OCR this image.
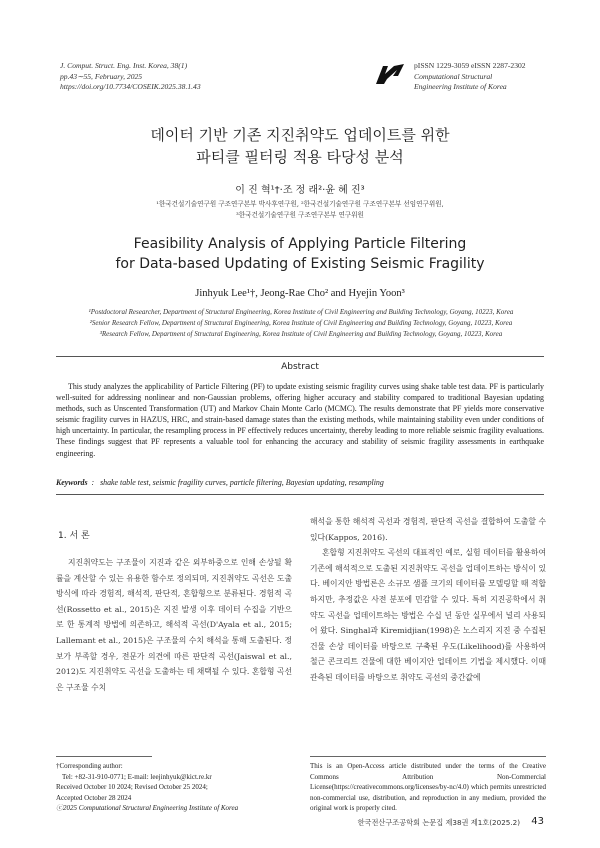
J. Comput. Struct. Eng. Inst. Korea, 38(1)
pp.43∼55, February, 2025
https://doi.org/10.7734/COSEIK.2025.38.1.43
pISSN 1229-3059 eISSN 2287-2302
Computational Structural
Engineering Institute of Korea
데이터 기반 기존 지진취약도 업데이트를 위한
파티클 필터링 적용 타당성 분석
이 진 혁¹†·조 정 래²·윤 혜 진³
¹한국건설기술연구원 구조연구본부 박사후연구원, ²한국건설기술연구원 구조연구본부 선임연구위원,
³한국건설기술연구원 구조연구본부 연구위원
Feasibility Analysis of Applying Particle Filtering
for Data-based Updating of Existing Seismic Fragility
Jinhyuk Lee¹†, Jeong-Rae Cho² and Hyejin Yoon³
¹Postdoctoral Researcher, Department of Structural Engineering, Korea Institute of Civil Engineering and Building Technology, Goyang, 10223, Korea
²Senior Research Fellow, Department of Structural Engineering, Korea Institute of Civil Engineering and Building Technology, Goyang, 10223, Korea
³Research Fellow, Department of Structural Engineering, Korea Institute of Civil Engineering and Building Technology, Goyang, 10223, Korea
Abstract
This study analyzes the applicability of Particle Filtering (PF) to update existing seismic fragility curves using shake table test data. PF is particularly well-suited for addressing nonlinear and non-Gaussian problems, offering higher accuracy and stability compared to traditional Bayesian updating methods, such as Unscented Transformation (UT) and Markov Chain Monte Carlo (MCMC). The results demonstrate that PF yields more conservative seismic fragility curves in HAZUS, HRC, and strain-based damage states than the existing methods, while maintaining stability even under conditions of high uncertainty. In particular, the resampling process in PF effectively reduces uncertainty, thereby leading to more reliable seismic fragility evaluations. These findings suggest that PF represents a valuable tool for enhancing the accuracy and stability of seismic fragility assessments in earthquake engineering.
Keywords  :   shake table test, seismic fragility curves, particle filtering, Bayesian updating, resampling
1. 서 론

지진취약도는 구조물이 지진과 같은 외부하중으로 인해 손상될 확률을 계산할 수 있는 유용한 함수로 정의되며, 지진취약도 곡선은 도출 방식에 따라 경험적, 해석적, 판단적, 혼합형으로 분류된다. 경험적 곡선(Rossetto et al., 2015)은 지진 발생 이후 데이터 수집을 기반으로 한 통계적 방법에 의존하고, 해석적 곡선(D'Ayala et al., 2015; Lallemant et al., 2015)은 구조물의 수치 해석을 통해 도출된다. 정보가 부족할 경우, 전문가 의견에 따른 판단적 곡선(Jaiswal et al., 2012)도 지진취약도 곡선을 도출하는 데 채택될 수 있다. 혼합형 곡선은 구조물 수치

해석을 통한 해석적 곡선과 경험적, 판단적 곡선을 결합하여 도출할 수 있다(Kappos, 2016).

혼합형 지진취약도 곡선의 대표적인 예로, 실험 데이터를 활용하여 기존에 해석적으로 도출된 지진취약도 곡선을 업데이트하는 방식이 있다. 베이지안 방법론은 소규모 샘플 크기의 데이터를 모델링할 때 적합하지만, 추정값은 사전 분포에 민감할 수 있다. 특히 지진공학에서 취약도 곡선을 업데이트하는 방법은 수십 년 동안 실무에서 널리 사용되어 왔다. Singhal과 Kiremidjian(1998)은 노스리지 지진 중 수집된 건물 손상 데이터를 바탕으로 구축된 우도(Likelihood)를 사용하여 철근 콘크리트 건물에 대한 베이지안 업데이트 기법을 제시했다. 이때 관측된 데이터를 바탕으로 취약도 곡선의 중간값에

†Corresponding author:
Tel: +82-31-910-0771; E-mail: leejinhyuk@kict.re.kr
Received October 10 2024; Revised October 25 2024;
Accepted October 28 2024
ⓒ2025 Computational Structural Engineering Institute of Korea
This is an Open-Access article distributed under the terms of the Creative Commons Attribution Non-Commercial License(https://creativecommons.org/licenses/by-nc/4.0) which permits unrestricted non-commercial use, distribution, and reproduction in any medium, provided the original work is properly cited.
한국전산구조공학회 논문집 제38권 제1호(2025.2) 43
